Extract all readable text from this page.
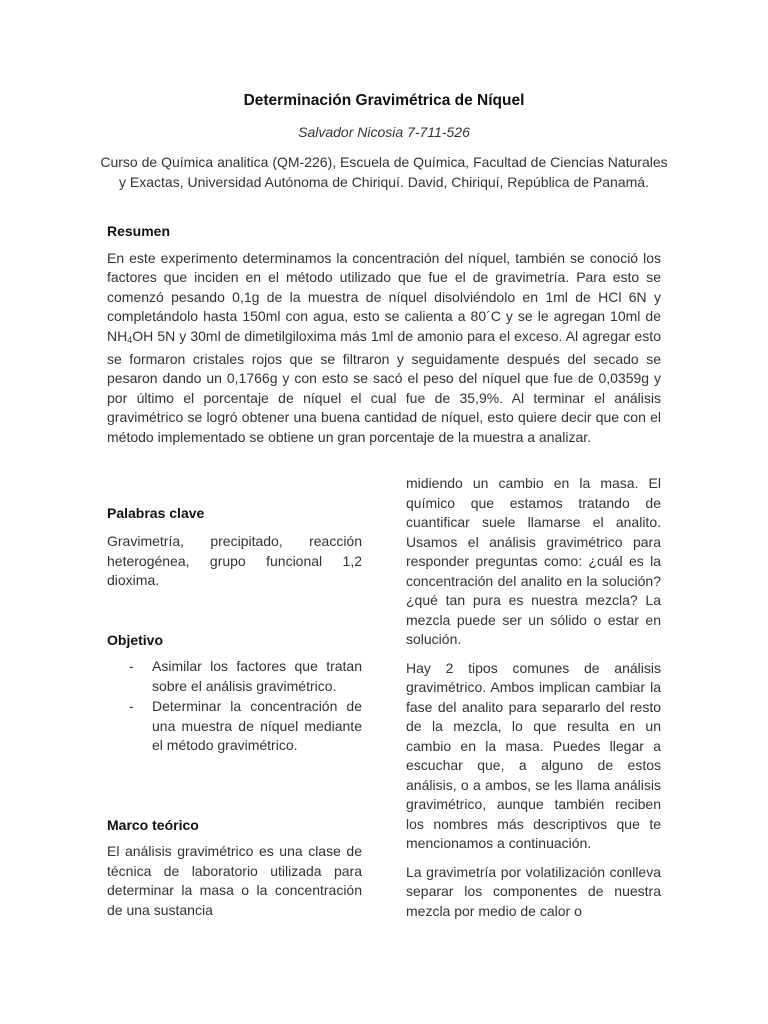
Determinación Gravimétrica de Níquel
Salvador Nicosia 7-711-526
Curso de Química analitica (QM-226), Escuela de Química, Facultad de Ciencias Naturales y Exactas, Universidad Autónoma de Chiriquí. David, Chiriquí, República de Panamá.
Resumen

En este experimento determinamos la concentración del níquel, también se conoció los factores que inciden en el método utilizado que fue el de gravimetría. Para esto se comenzó pesando 0,1g de la muestra de níquel disolviéndolo en 1ml de HCl 6N y completándolo hasta 150ml con agua, esto se calienta a 80´C y se le agregan 10ml de $NH_4OH$ 5N y 30ml de dimetilgiloxima más 1ml de amonio para el exceso. Al agregar esto se formaron cristales rojos que se filtraron y seguidamente después del secado se pesaron dando un 0,1766g y con esto se sacó el peso del níquel que fue de 0,0359g y por último el porcentaje de níquel el cual fue de 35,9%. Al terminar el análisis gravimétrico se logró obtener una buena cantidad de níquel, esto quiere decir que con el método implementado se obtiene un gran porcentaje de la muestra a analizar.

Palabras clave

Gravimetría, precipitado, reacción heterogénea, grupo funcional 1,2 dioxima.

Objetivo
- Asimilar los factores que tratan sobre el análisis gravimétrico.
- Determinar la concentración de una muestra de níquel mediante el método gravimétrico.
Marco teórico

El análisis gravimétrico es una clase de técnica de laboratorio utilizada para determinar la masa o la concentración de una sustancia

midiendo un cambio en la masa. El químico que estamos tratando de cuantificar suele llamarse el analito. Usamos el análisis gravimétrico para responder preguntas como: ¿cuál es la concentración del analito en la solución? ¿qué tan pura es nuestra mezcla? La mezcla puede ser un sólido o estar en solución.

Hay 2 tipos comunes de análisis gravimétrico. Ambos implican cambiar la fase del analito para separarlo del resto de la mezcla, lo que resulta en un cambio en la masa. Puedes llegar a escuchar que, a alguno de estos análisis, o a ambos, se les llama análisis gravimétrico, aunque también reciben los nombres más descriptivos que te mencionamos a continuación.

La gravimetría por volatilización conlleva separar los componentes de nuestra mezcla por medio de calor o
